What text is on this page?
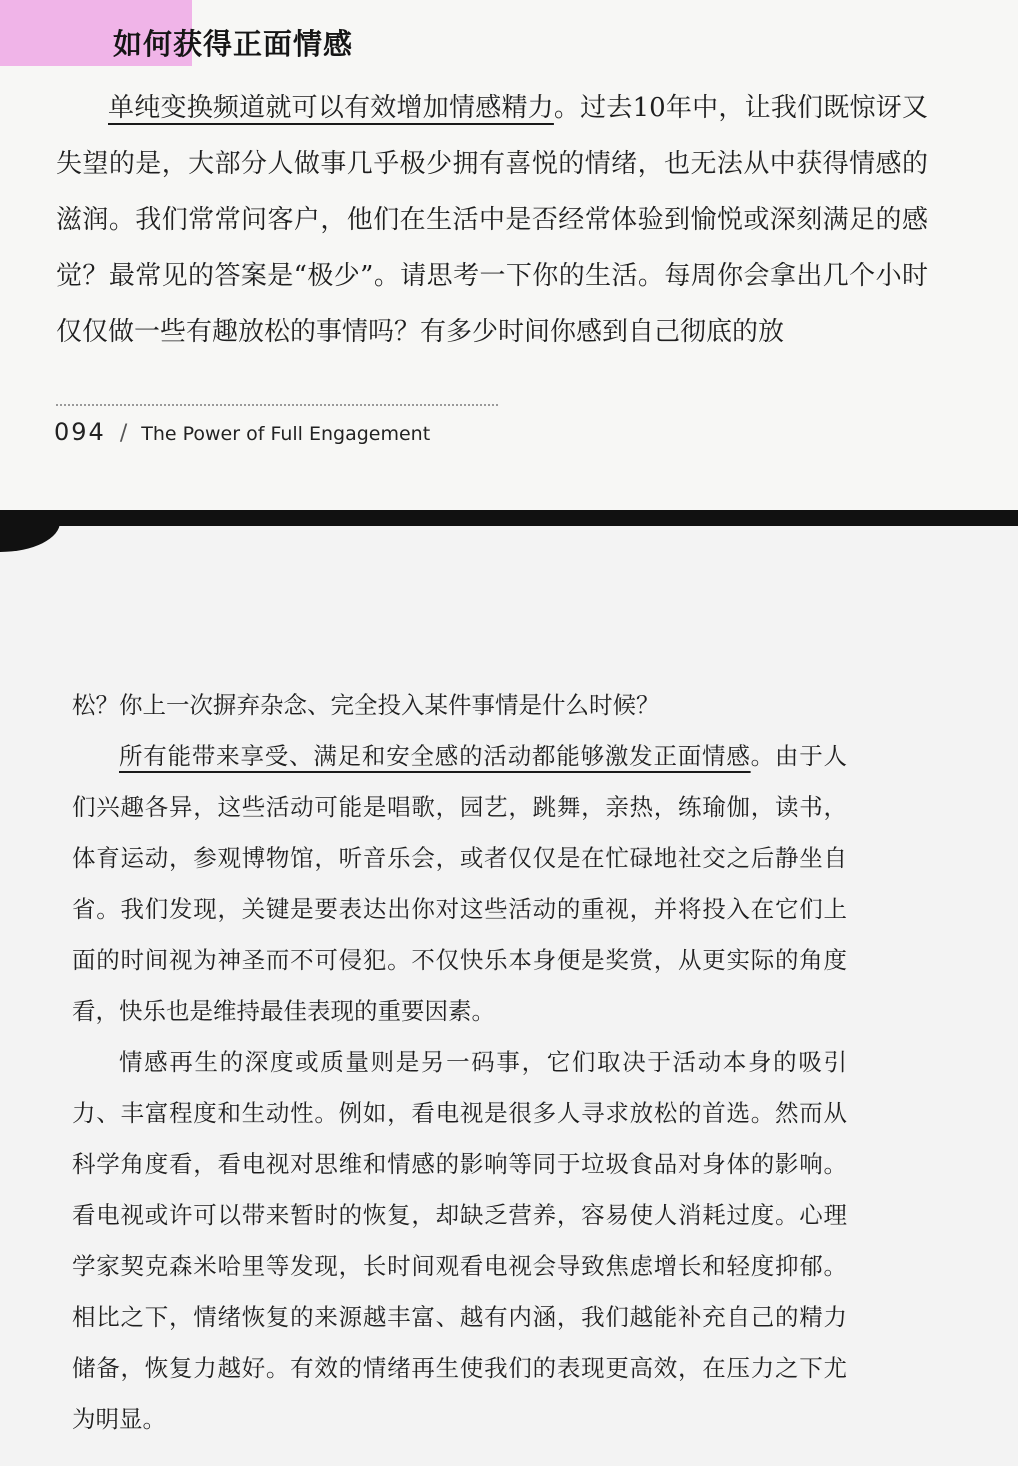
如何获得正面情感

单纯变换频道就可以有效增加情感精力。过去10年中，让我们既惊讶又失望的是，大部分人做事几乎极少拥有喜悦的情绪，也无法从中获得情感的滋润。我们常常问客户，他们在生活中是否经常体验到愉悦或深刻满足的感觉？最常见的答案是“极少”。请思考一下你的生活。每周你会拿出几个小时仅仅做一些有趣放松的事情吗？有多少时间你感到自己彻底的放

094 / The Power of Full Engagement

松？你上一次摒弃杂念、完全投入某件事情是什么时候？

所有能带来享受、满足和安全感的活动都能够激发正面情感。由于人们兴趣各异，这些活动可能是唱歌，园艺，跳舞，亲热，练瑜伽，读书，体育运动，参观博物馆，听音乐会，或者仅仅是在忙碌地社交之后静坐自省。我们发现，关键是要表达出你对这些活动的重视，并将投入在它们上面的时间视为神圣而不可侵犯。不仅快乐本身便是奖赏，从更实际的角度看，快乐也是维持最佳表现的重要因素。

情感再生的深度或质量则是另一码事，它们取决于活动本身的吸引力、丰富程度和生动性。例如，看电视是很多人寻求放松的首选。然而从科学角度看，看电视对思维和情感的影响等同于垃圾食品对身体的影响。看电视或许可以带来暂时的恢复，却缺乏营养，容易使人消耗过度。心理学家契克森米哈里等发现，长时间观看电视会导致焦虑增长和轻度抑郁。相比之下，情绪恢复的来源越丰富、越有内涵，我们越能补充自己的精力储备，恢复力越好。有效的情绪再生使我们的表现更高效，在压力之下尤为明显。
